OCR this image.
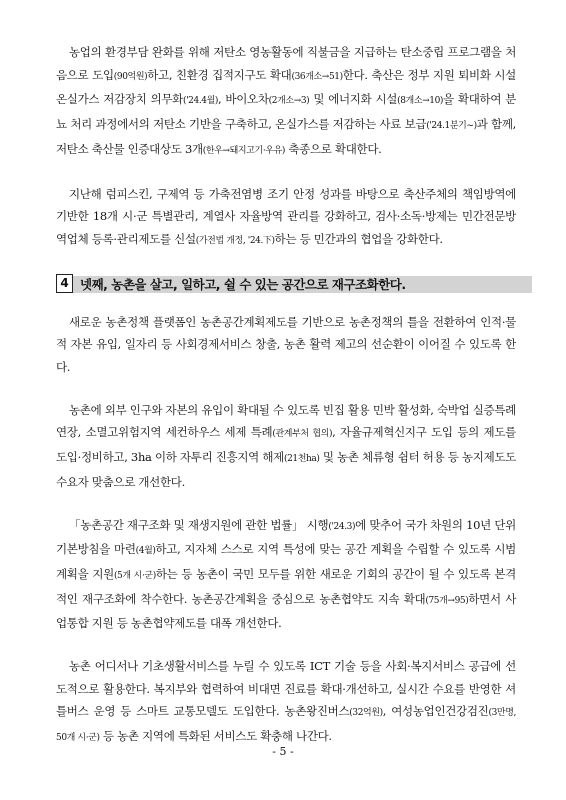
농업의 환경부담 완화를 위해 저탄소 영농활동에 직불금을 지급하는 탄소중립 프로그램을 처음으로 도입(90억원)하고, 친환경 집적지구도 확대(36개소→51)한다. 축산은 정부 지원 퇴비화 시설 온실가스 저감장치 의무화('24.4월), 바이오차(2개소→3) 및 에너지화 시설(8개소→10)을 확대하여 분뇨 처리 과정에서의 저탄소 기반을 구축하고, 온실가스를 저감하는 사료 보급('24.1분기~)과 함께, 저탄소 축산물 인증대상도 3개(한우→돼지고기·우유) 축종으로 확대한다.

지난해 럼피스킨, 구제역 등 가축전염병 조기 안정 성과를 바탕으로 축산주체의 책임방역에 기반한 18개 시·군 특별관리, 계열사 자율방역 관리를 강화하고, 검사·소독·방제는 민간전문방역업체 등록·관리제도를 신설(가전법 개정, '24.下)하는 등 민간과의 협업을 강화한다.

4 넷째, 농촌을 살고, 일하고, 쉴 수 있는 공간으로 재구조화한다.

새로운 농촌정책 플랫폼인 농촌공간계획제도를 기반으로 농촌정책의 틀을 전환하여 인적·물적 자본 유입, 일자리 등 사회경제서비스 창출, 농촌 활력 제고의 선순환이 이어질 수 있도록 한다.

농촌에 외부 인구와 자본의 유입이 확대될 수 있도록 빈집 활용 민박 활성화, 숙박업 실증특례 연장, 소멸고위험지역 세컨하우스 세제 특례(관계부처 협의), 자율규제혁신지구 도입 등의 제도를 도입·정비하고, 3ha 이하 자투리 진흥지역 해제(21천ha) 및 농촌 체류형 쉼터 허용 등 농지제도도 수요자 맞춤으로 개선한다.

「농촌공간 재구조화 및 재생지원에 관한 법률」 시행('24.3)에 맞추어 국가 차원의 10년 단위 기본방침을 마련(4월)하고, 지자체 스스로 지역 특성에 맞는 공간 계획을 수립할 수 있도록 시범계획을 지원(5개 시·군)하는 등 농촌이 국민 모두를 위한 새로운 기회의 공간이 될 수 있도록 본격적인 재구조화에 착수한다. 농촌공간계획을 중심으로 농촌협약도 지속 확대(75개→95)하면서 사업통합 지원 등 농촌협약제도를 대폭 개선한다.

농촌 어디서나 기초생활서비스를 누릴 수 있도록 ICT 기술 등을 사회·복지서비스 공급에 선도적으로 활용한다. 복지부와 협력하여 비대면 진료를 확대·개선하고, 실시간 수요를 반영한 셔틀버스 운영 등 스마트 교통모델도 도입한다. 농촌왕진버스(32억원), 여성농업인건강검진(3만명, 50개 시·군) 등 농촌 지역에 특화된 서비스도 확충해 나간다.

- 5 -
